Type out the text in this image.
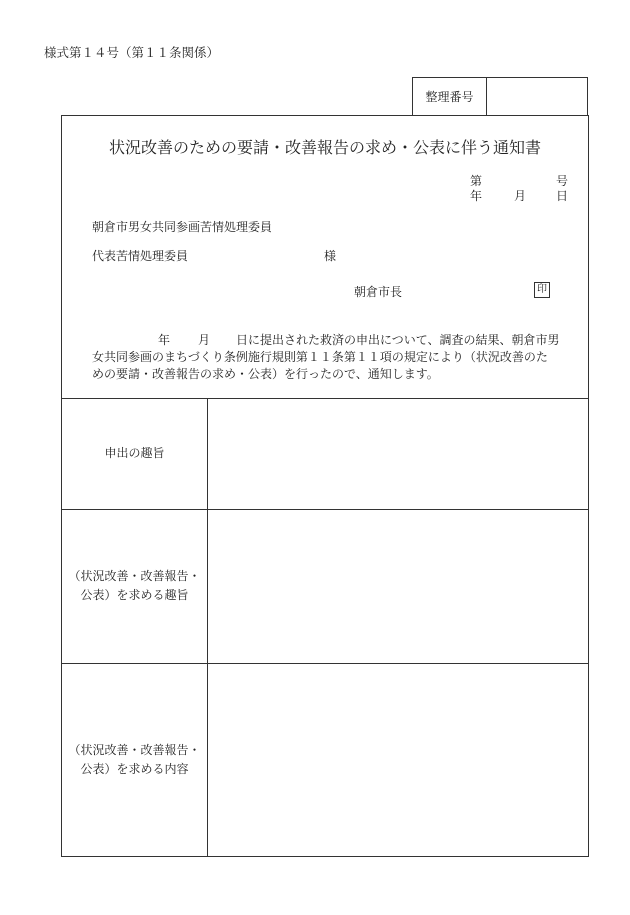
様式第１４号（第１１条関係）
整理番号
状況改善のための要請・改善報告の求め・公表に伴う通知書
第	号
年	月 日
朝倉市男女共同参画苦情処理委員
代表苦情処理委員	様
朝倉市長	印
年 月 日に提出された救済の申出について、調査の結果、朝倉市男
女共同参画のまちづくり条例施行規則第１１条第１１項の規定により（状況改善のた
めの要請・改善報告の求め・公表）を行ったので、通知します。
申出の趣旨
（状況改善・改善報告・
公表）を求める趣旨
（状況改善・改善報告・
公表）を求める内容
